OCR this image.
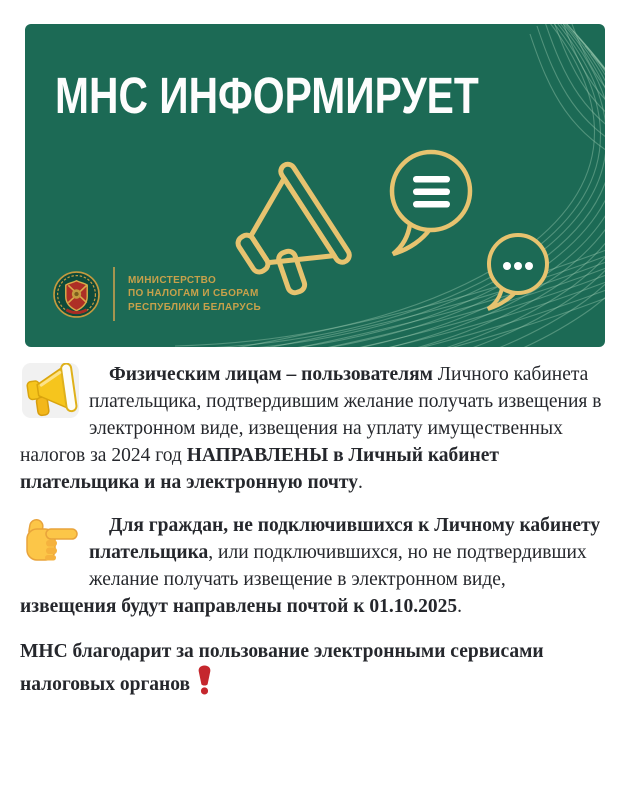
МНС ИНФОРМИРУЕТ
МИНИСТЕРСТВО
ПО НАЛОГАМ И СБОРАМ
РЕСПУБЛИКИ БЕЛАРУСЬ

Физическим лицам – пользователям Личного кабинета плательщика, подтвердившим желание получать извещения в электронном виде, извещения на уплату имущественных налогов за 2024 год НАПРАВЛЕНЫ в Личный кабинет плательщика и на электронную почту.

Для граждан, не подключившихся к Личному кабинету плательщика, или подключившихся, но не подтвердивших желание получать извещение в электронном виде, извещения будут направлены почтой к 01.10.2025.

МНС благодарит за пользование электронными сервисами налоговых органов
